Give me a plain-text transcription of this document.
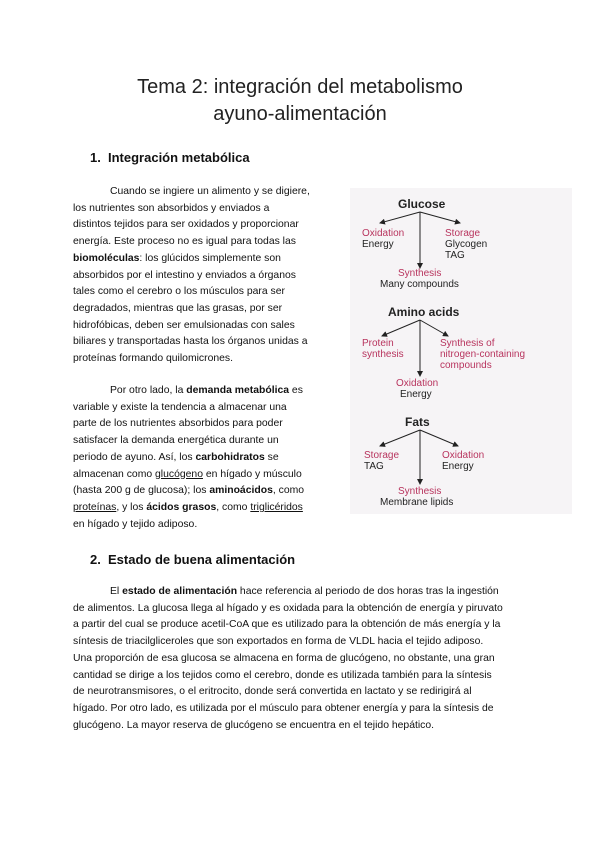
Tema 2: integración del metabolismo
ayuno-alimentación
1. Integración metabólica
Cuando se ingiere un alimento y se digiere,
los nutrientes son absorbidos y enviados a
distintos tejidos para ser oxidados y proporcionar
energía. Este proceso no es igual para todas las
biomoléculas: los glúcidos simplemente son
absorbidos por el intestino y enviados a órganos
tales como el cerebro o los músculos para ser
degradados, mientras que las grasas, por ser
hidrofóbicas, deben ser emulsionadas con sales
biliares y transportadas hasta los órganos unidas a
proteínas formando quilomicrones.
Por otro lado, la demanda metabólica es
variable y existe la tendencia a almacenar una
parte de los nutrientes absorbidos para poder
satisfacer la demanda energética durante un
periodo de ayuno. Así, los carbohidratos se
almacenan como glucógeno en hígado y músculo
(hasta 200 g de glucosa); los aminoácidos, como
proteínas, y los ácidos grasos, como triglicéridos
en hígado y tejido adiposo.
Glucose
Oxidation
Energy
Storage
Glycogen
TAG
Synthesis
Many compounds
Amino acids
Protein
synthesis
Synthesis of
nitrogen-containing
compounds
Oxidation
Energy
Fats
Storage
TAG
Oxidation
Energy
Synthesis
Membrane lipids
2. Estado de buena alimentación
El estado de alimentación hace referencia al periodo de dos horas tras la ingestión
de alimentos. La glucosa llega al hígado y es oxidada para la obtención de energía y piruvato
a partir del cual se produce acetil-CoA que es utilizado para la obtención de más energía y la
síntesis de triacilgliceroles que son exportados en forma de VLDL hacia el tejido adiposo.
Una proporción de esa glucosa se almacena en forma de glucógeno, no obstante, una gran
cantidad se dirige a los tejidos como el cerebro, donde es utilizada también para la síntesis
de neurotransmisores, o el eritrocito, donde será convertida en lactato y se redirigirá al
hígado. Por otro lado, es utilizada por el músculo para obtener energía y para la síntesis de
glucógeno. La mayor reserva de glucógeno se encuentra en el tejido hepático.
